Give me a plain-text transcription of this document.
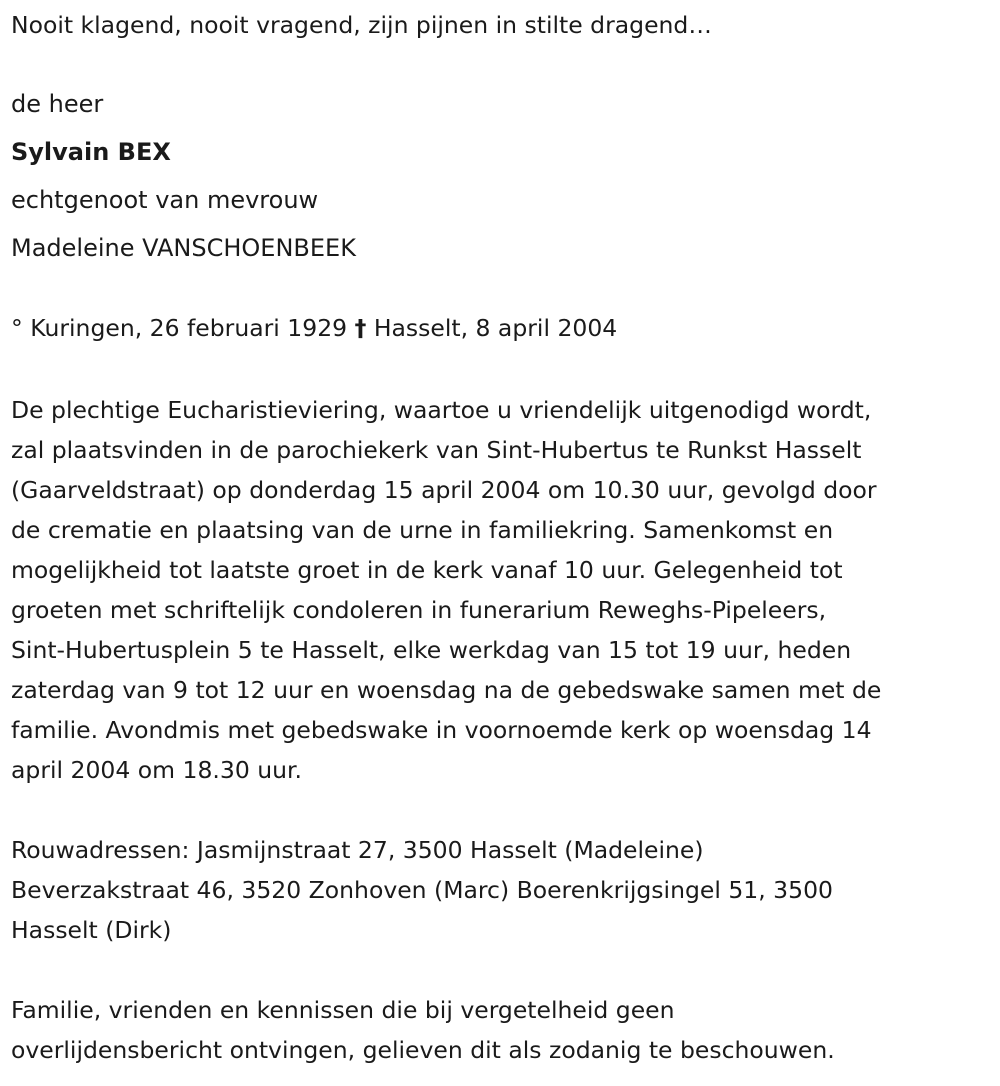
Nooit klagend, nooit vragend, zijn pijnen in stilte dragend…
de heer
Sylvain BEX
echtgenoot van mevrouw
Madeleine VANSCHOENBEEK
° Kuringen, 26 februari 1929 † Hasselt, 8 april 2004
De plechtige Eucharistieviering, waartoe u vriendelijk uitgenodigd wordt,
zal plaatsvinden in de parochiekerk van Sint-Hubertus te Runkst Hasselt
(Gaarveldstraat) op donderdag 15 april 2004 om 10.30 uur, gevolgd door
de crematie en plaatsing van de urne in familiekring. Samenkomst en
mogelijkheid tot laatste groet in de kerk vanaf 10 uur. Gelegenheid tot
groeten met schriftelijk condoleren in funerarium Reweghs-Pipeleers,
Sint-Hubertusplein 5 te Hasselt, elke werkdag van 15 tot 19 uur, heden
zaterdag van 9 tot 12 uur en woensdag na de gebedswake samen met de
familie. Avondmis met gebedswake in voornoemde kerk op woensdag 14
april 2004 om 18.30 uur.
Rouwadressen: Jasmijnstraat 27, 3500 Hasselt (Madeleine)
Beverzakstraat 46, 3520 Zonhoven (Marc) Boerenkrijgsingel 51, 3500
Hasselt (Dirk)
Familie, vrienden en kennissen die bij vergetelheid geen
overlijdensbericht ontvingen, gelieven dit als zodanig te beschouwen.
